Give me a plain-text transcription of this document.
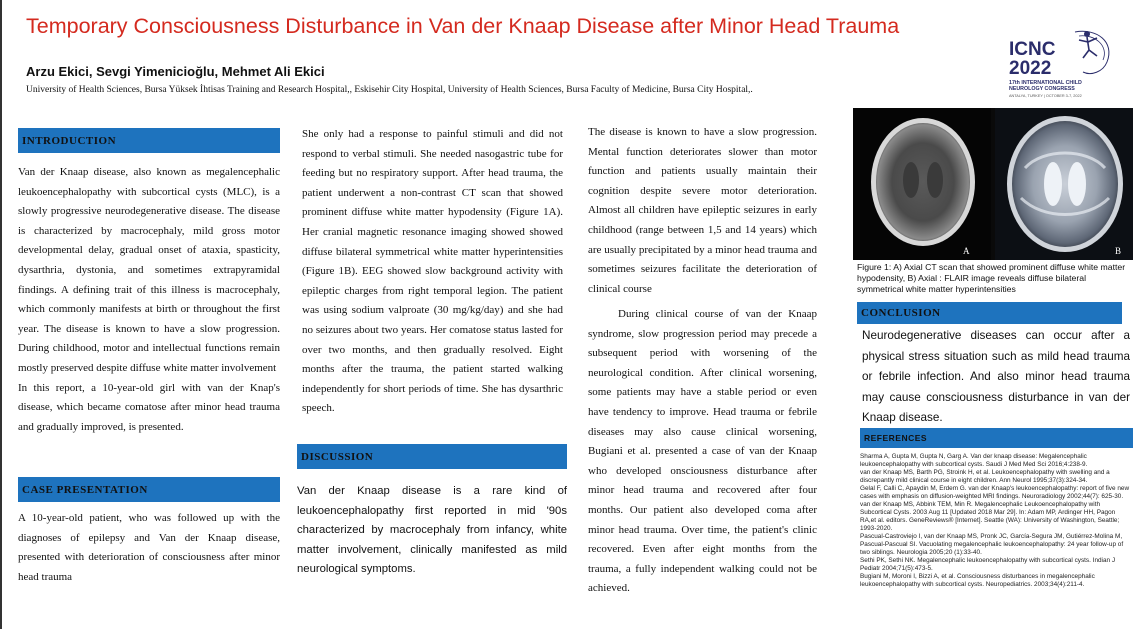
Temporary Consciousness Disturbance in Van der Knaap Disease after Minor Head Trauma
Arzu Ekici, Sevgi Yimenicioğlu, Mehmet Ali Ekici
University of Health Sciences, Bursa Yüksek İhtisas Training and Research Hospital,, Eskisehir City Hospital, University of Health Sciences, Bursa Faculty of Medicine, Bursa City Hospital,.
ICNC
2022
17th INTERNATIONAL CHILD NEUROLOGY CONGRESS
ANTALYA, TURKEY | OCTOBER 3-7, 2022
INTRODUCTION
Van der Knaap disease, also known as megalencephalic leukoencephalopathy with subcortical cysts (MLC), is a slowly progressive neurodegenerative disease. The disease is characterized by macrocephaly, mild gross motor developmental delay, gradual onset of ataxia, spasticity, dysarthria, dystonia, and sometimes extrapyramidal findings. A defining trait of this illness is macrocephaly, which commonly manifests at birth or throughout the first year. The disease is known to have a slow progression. During childhood, motor and intellectual functions remain mostly preserved despite diffuse white matter involvement
In this report, a 10-year-old girl with van der Knap's disease, which became comatose after minor head trauma and gradually improved, is presented.
CASE PRESENTATION
A 10-year-old patient, who was followed up with the diagnoses of epilepsy and Van der Knaap disease, presented with deterioration of consciousness after minor head trauma
She only had a response to painful stimuli and did not respond to verbal stimuli. She needed nasogastric tube for feeding but no respiratory support. After head trauma, the patient underwent a non-contrast CT scan that showed prominent diffuse white matter hypodensity (Figure 1A). Her cranial magnetic resonance imaging showed showed diffuse bilateral symmetrical white matter hyperintensities (Figure 1B). EEG showed slow background activity with epileptic charges from right temporal legion. The patient was using sodium valproate (30 mg/kg/day) and she had no seizures about two years. Her comatose status lasted for over two months, and then gradually resolved. Eight months after the trauma, the patient started walking independently for short periods of time. She has dysarthric speech.
DISCUSSION
Van der Knaap disease is a rare kind of leukoencephalopathy first reported in mid '90s characterized by macrocephaly from infancy, white matter involvement, clinically manifested as mild neurological symptoms.
The disease is known to have a slow progression. Mental function deteriorates slower than motor function and patients usually maintain their cognition despite severe motor deterioration. Almost all children have epileptic seizures in early childhood (range between 1,5 and 14 years) which are usually precipitated by a minor head trauma and sometimes seizures facilitate the deterioration of clinical course
During clinical course of van der Knaap syndrome, slow progression period may precede a subsequent period with worsening of the neurological condition. After clinical worsening, some patients may have a stable period or even have tendency to improve. Head trauma or febrile diseases may also cause clinical worsening, Bugiani et al. presented a case of van der Knaap who developed onsciousness disturbance after minor head trauma and recovered after four months. Our patient also developed coma after minor head trauma. Over time, the patient's clinic recovered. Even after eight months from the trauma, a fully independent walking could not be achieved.
A	B
Figure 1: A) Axial CT scan that showed prominent diffuse white matter hypodensity, B) Axial : FLAIR image reveals diffuse bilateral symmetrical white matter hyperintensities
CONCLUSION
Neurodegenerative diseases can occur after a physical stress situation such as mild head trauma or febrile infection. And also minor head trauma may cause consciousness disturbance in van der Knaap disease.
REFERENCES
Sharma A, Gupta M, Gupta N, Garg A. Van der knaap disease: Megalencephalic leukoencephalopathy with subcortical cysts. Saudi J Med Med Sci 2016;4:238-9.
van der Knaap MS, Barth PG, Stroink H, et al. Leukoencephalopathy with swelling and a discrepantly mild clinical course in eight children. Ann Neurol 1995;37(3):324-34.
Gelal F, Calli C, Apaydin M, Erdem G. van der Knaap's leukoencephalopathy: report of five new cases with emphasis on diffusion-weighted MRI findings. Neuroradiology 2002;44(7): 625-30.
van der Knaap MS, Abbink TEM, Min R. Megalencephalic Leukoencephalopathy with Subcortical Cysts. 2003 Aug 11 [Updated 2018 Mar 29]. In: Adam MP, Ardinger HH, Pagon RA,et al. editors. GeneReviews® [Internet]. Seattle (WA): University of Washington, Seattle; 1993-2020.
Pascual-Castroviejo I, van der Knaap MS, Pronk JC, García-Segura JM, Gutiérrez-Molina M, Pascual-Pascual SI. Vacuolating megalencephalic leukoencephalopathy: 24 year follow-up of two siblings. Neurologia 2005;20 (1):33-40.
Sethi PK, Sethi NK. Megalencephalic leukoencephalopathy with subcortical cysts. Indian J Pediatr 2004;71(5):473-5.
Bugiani M, Moroni I, Bizzi A, et al. Consciousness disturbances in megalencephalic leukoencephalopathy with subcortical cysts. Neuropediatrics. 2003;34(4):211-4.
